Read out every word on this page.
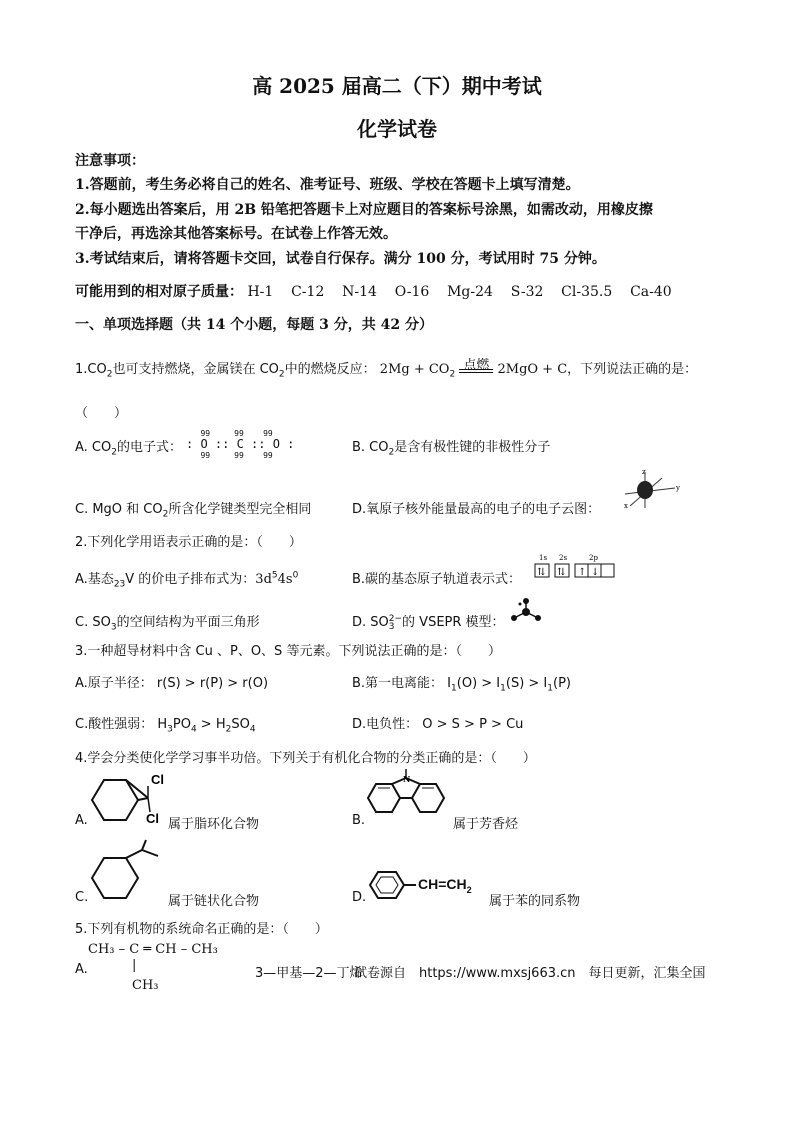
高 2025 届高二（下）期中考试
化学试卷
注意事项：
1.答题前，考生务必将自己的姓名、准考证号、班级、学校在答题卡上填写清楚。
2.每小题选出答案后，用 2B 铅笔把答题卡上对应题目的答案标号涂黑，如需改动，用橡皮擦
干净后，再选涂其他答案标号。在试卷上作答无效。
3.考试结束后，请将答题卡交回，试卷自行保存。满分 100 分，考试用时 75 分钟。
可能用到的相对原子质量： H-1    C-12    N-14    O-16    Mg-24    S-32    Cl-35.5    Ca-40
一、单项选择题（共 14 个小题，每题 3 分，共 42 分）
$1.CO_2$也可支持燃烧，金属镁在 $CO_2$中的燃烧反应： $2Mg + CO_2$
点燃 2MgO + C，下列说法正确的是：
（　　）
A. $CO_2$的电子式：
99     99    99
: O :: C :: O :
99     99    99
B. $CO_2$是含有极性键的非极性分子
C. MgO 和 $CO_2$所含化学键类型完全相同	D.氧原子核外能量最高的电子的电子云图：
y
z
x
2.下列化学用语表示正确的是：（　　）
A.基态$_{23}$V 的价电子排布式为：$3d^54s^0$	B.碳的基态原子轨道表示式：
1s 2s	2p
⇅ ⇅ ↑ ↓
C. $SO_3$的空间结构为平面三角形	D. SO 2−
3 的 VSEPR 模型：
3.一种超导材料中含 Cu 、P、O、S 等元素。下列说法正确的是：（　　）
A.原子半径： r(S) > r(P) > r(O)	B.第一电离能： $I_1(O) > I_1(S) > I_1(P)$
C.酸性强弱： $H_3PO_4 > H_2SO_4$	D.电负性： O > S > P > Cu
4.学会分类使化学学习事半功倍。下列关于有机化合物的分类正确的是：（　　）
A.
Cl
Cl 属于脂环化合物	B.
N
属于芳香烃
C.	属于链状化合物	D.
$CH=CH_2$
属于苯的同系物
5.下列有机物的系统命名正确的是：（　　）
CH₃ – C ═ CH – CH₃
A.	|
CH₃
3—甲基—2—丁烯
试卷源自　https://www.mxsj663.cn　每日更新，汇集全国
